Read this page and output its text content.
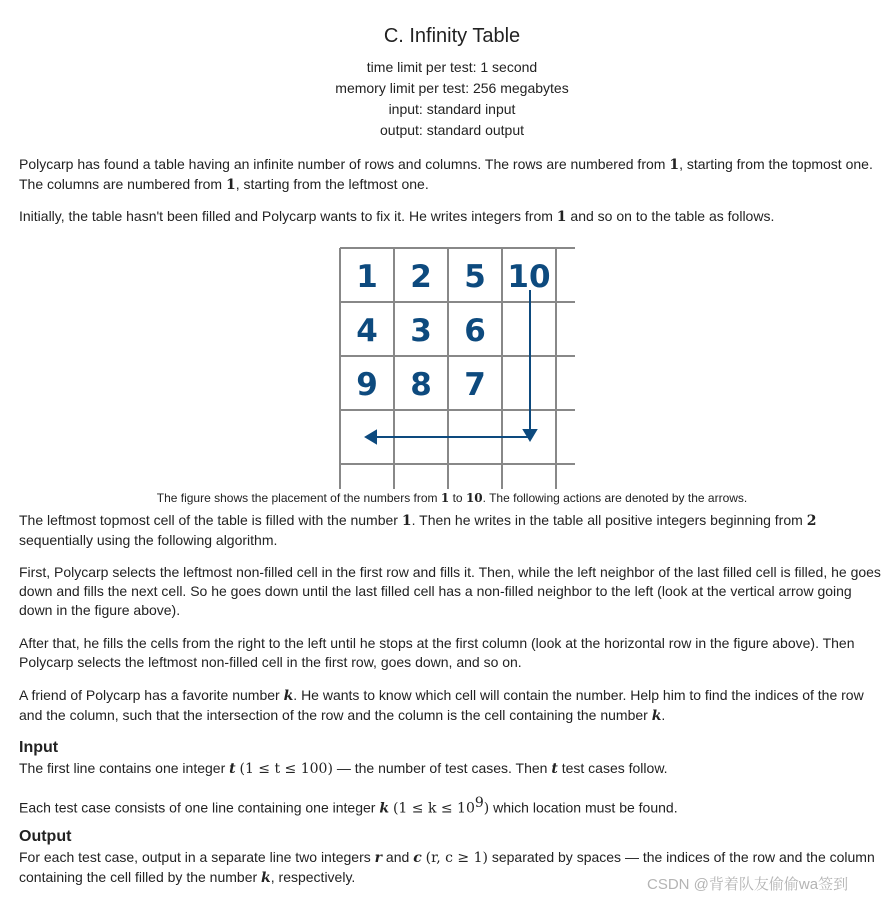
C. Infinity Table
time limit per test: 1 second
memory limit per test: 256 megabytes
input: standard input
output: standard output

Polycarp has found a table having an infinite number of rows and columns. The rows are numbered from 1, starting from the topmost one. The columns are numbered from 1, starting from the leftmost one.

Initially, the table hasn't been filled and Polycarp wants to fix it. He writes integers from 1 and so on to the table as follows.

1 2 5 10
4 3 6
9 8 7
The figure shows the placement of the numbers from 1 to 10. The following actions are denoted by the arrows.

The leftmost topmost cell of the table is filled with the number 1. Then he writes in the table all positive integers beginning from 2 sequentially using the following algorithm.

First, Polycarp selects the leftmost non-filled cell in the first row and fills it. Then, while the left neighbor of the last filled cell is filled, he goes down and fills the next cell. So he goes down until the last filled cell has a non-filled neighbor to the left (look at the vertical arrow going down in the figure above).

After that, he fills the cells from the right to the left until he stops at the first column (look at the horizontal row in the figure above). Then Polycarp selects the leftmost non-filled cell in the first row, goes down, and so on.

A friend of Polycarp has a favorite number k. He wants to know which cell will contain the number. Help him to find the indices of the row and the column, such that the intersection of the row and the column is the cell containing the number k.

Input

The first line contains one integer t (1 ≤ t ≤ 100) — the number of test cases. Then t test cases follow.

Each test case consists of one line containing one integer k $(1 \le k \le 10^9)$ which location must be found.

Output

For each test case, output in a separate line two integers r and c (r, c ≥ 1) separated by spaces — the indices of the row and the column containing the cell filled by the number k, respectively.	CSDN @背着队友偷偷wa签到
